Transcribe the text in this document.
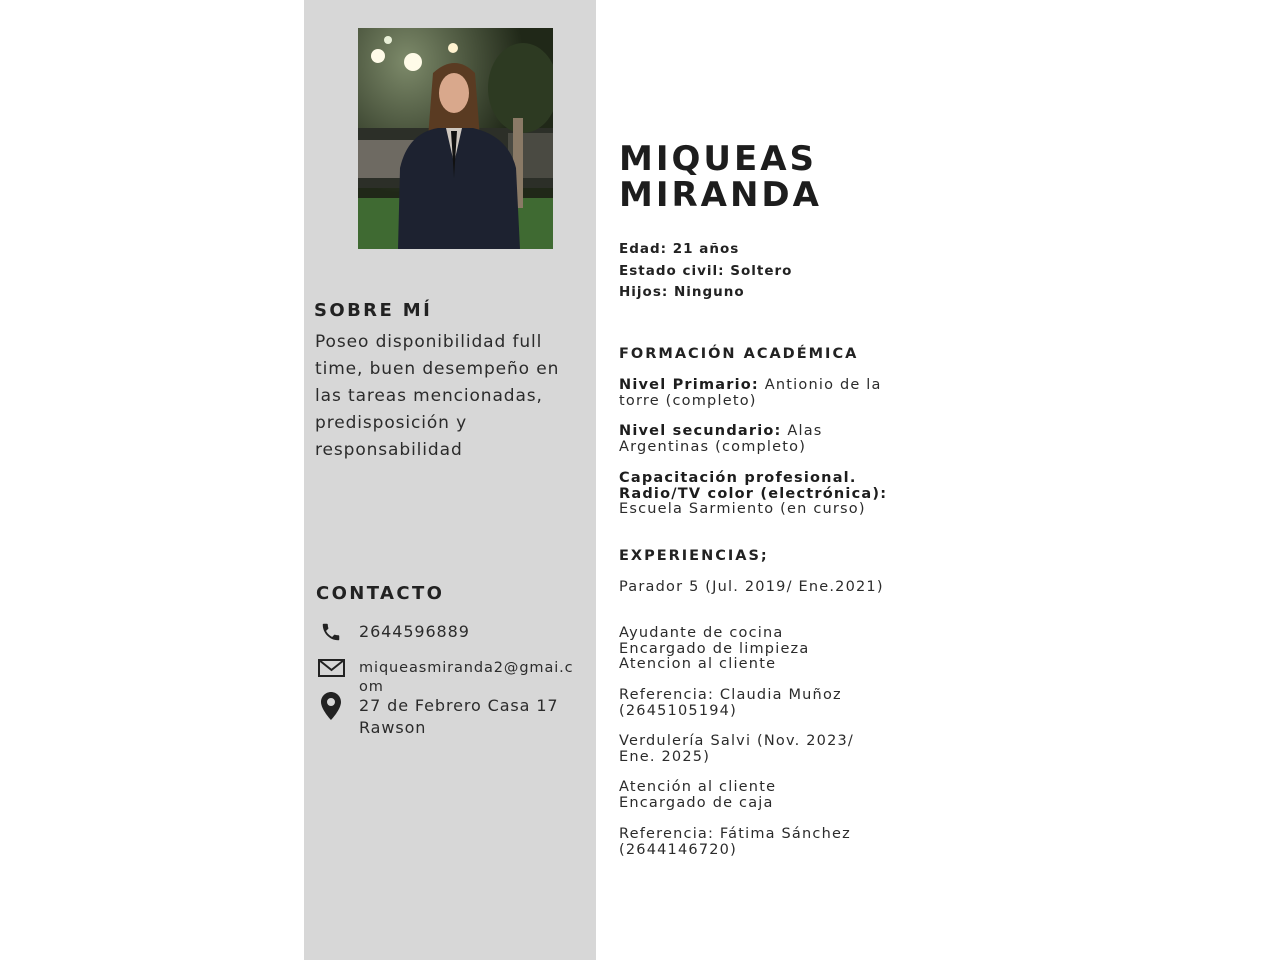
SOBRE MÍ
Poseo disponibilidad full time, buen desempeño en las tareas mencionadas, predisposición y responsabilidad
CONTACTO
2644596889
miqueasmiranda2@gmai.com
27 de Febrero Casa 17 Rawson
MIQUEAS
MIRANDA
Edad: 21 años
Estado civil: Soltero
Hijos: Ninguno
FORMACIÓN ACADÉMICA
Nivel Primario: Antionio de la torre (completo)
Nivel secundario: Alas Argentinas (completo)
Capacitación profesional. Radio/TV color (electrónica): Escuela Sarmiento (en curso)
EXPERIENCIAS;
Parador 5 (Jul. 2019/ Ene.2021)
Ayudante de cocina
Encargado de limpieza
Atencion al cliente
Referencia: Claudia Muñoz (2645105194)
Verdulería Salvi (Nov. 2023/ Ene. 2025)
Atención al cliente
Encargado de caja
Referencia: Fátima Sánchez (2644146720)
